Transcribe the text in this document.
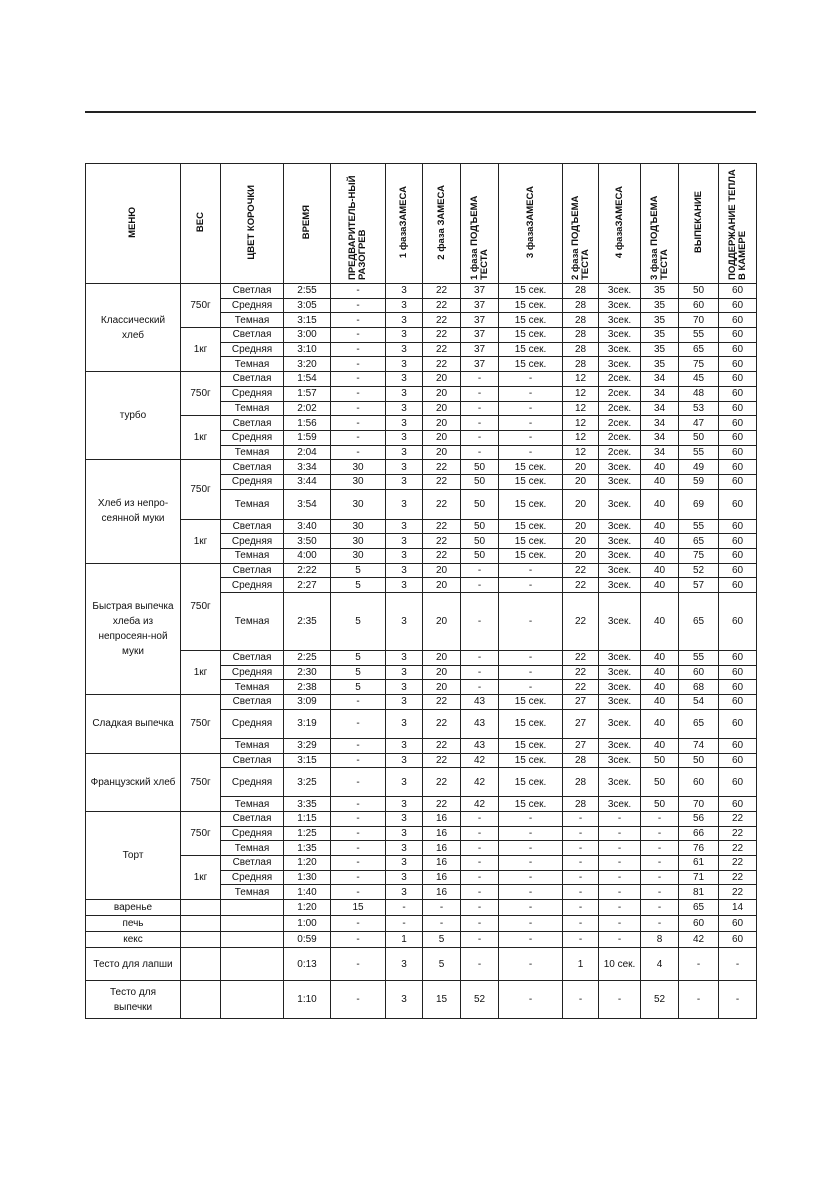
МЕНЮ	ВЕС	ЦВЕТ КОРОЧКИ	ВРЕМЯ	ПРЕДВАРИТЕЛЬ-НЫЙ РАЗОГРЕВ	1 фазаЗАМЕСА	2 фаза ЗАМЕСА	1 фаза ПОДЪЕМА ТЕСТА	3 фазаЗАМЕСА	2 фаза ПОДЪЕМА ТЕСТА	4 фазаЗАМЕСА	3 фаза ПОДЪЕМА ТЕСТА	ВЫПЕКАНИЕ	ПОДДЕРЖАНИЕ ТЕПЛА В КАМЕРЕ
Классический хлеб	750г	Светлая	2:55	-	3	22	37	15 сек.	28	3сек.	35	50	60
		Средняя	3:05	-	3	22	37	15 сек.	28	3сек.	35	60	60
		Темная	3:15	-	3	22	37	15 сек.	28	3сек.	35	70	60
	1кг	Светлая	3:00	-	3	22	37	15 сек.	28	3сек.	35	55	60
		Средняя	3:10	-	3	22	37	15 сек.	28	3сек.	35	65	60
		Темная	3:20	-	3	22	37	15 сек.	28	3сек.	35	75	60
турбо	750г	Светлая	1:54	-	3	20	-	-	12	2сек.	34	45	60
		Средняя	1:57	-	3	20	-	-	12	2сек.	34	48	60
		Темная	2:02	-	3	20	-	-	12	2сек.	34	53	60
	1кг	Светлая	1:56	-	3	20	-	-	12	2сек.	34	47	60
		Средняя	1:59	-	3	20	-	-	12	2сек.	34	50	60
		Темная	2:04	-	3	20	-	-	12	2сек.	34	55	60
Хлеб из непро-сеянной муки	750г	Светлая	3:34	30	3	22	50	15 сек.	20	3сек.	40	49	60
		Средняя	3:44	30	3	22	50	15 сек.	20	3сек.	40	59	60
		Темная	3:54	30	3	22	50	15 сек.	20	3сек.	40	69	60
	1кг	Светлая	3:40	30	3	22	50	15 сек.	20	3сек.	40	55	60
		Средняя	3:50	30	3	22	50	15 сек.	20	3сек.	40	65	60
		Темная	4:00	30	3	22	50	15 сек.	20	3сек.	40	75	60
Быстрая выпечка хлеба из непросеян-ной муки	750г	Светлая	2:22	5	3	20	-	-	22	3сек.	40	52	60
		Средняя	2:27	5	3	20	-	-	22	3сек.	40	57	60
		Темная	2:35	5	3	20	-	-	22	3сек.	40	65	60
	1кг	Светлая	2:25	5	3	20	-	-	22	3сек.	40	55	60
		Средняя	2:30	5	3	20	-	-	22	3сек.	40	60	60
		Темная	2:38	5	3	20	-	-	22	3сек.	40	68	60
Сладкая выпечка	750г	Светлая	3:09	-	3	22	43	15 сек.	27	3сек.	40	54	60
		Средняя	3:19	-	3	22	43	15 сек.	27	3сек.	40	65	60
		Темная	3:29	-	3	22	43	15 сек.	27	3сек.	40	74	60
Французский хлеб	750г	Светлая	3:15	-	3	22	42	15 сек.	28	3сек.	50	50	60
		Средняя	3:25	-	3	22	42	15 сек.	28	3сек.	50	60	60
		Темная	3:35	-	3	22	42	15 сек.	28	3сек.	50	70	60
Торт	750г	Светлая	1:15	-	3	16	-	-	-	-	-	56	22
		Средняя	1:25	-	3	16	-	-	-	-	-	66	22
		Темная	1:35	-	3	16	-	-	-	-	-	76	22
	1кг	Светлая	1:20	-	3	16	-	-	-	-	-	61	22
		Средняя	1:30	-	3	16	-	-	-	-	-	71	22
		Темная	1:40	-	3	16	-	-	-	-	-	81	22
варенье			1:20	15	-	-	-	-	-	-	-	65	14
печь			1:00	-	-	-	-	-	-	-	-	60	60
кекс			0:59	-	1	5	-	-	-	-	8	42	60
Тесто для лапши			0:13	-	3	5	-	-	1	10 сек.	4	-	-
Тесто для выпечки			1:10	-	3	15	52	-	-	-	52	-	-
